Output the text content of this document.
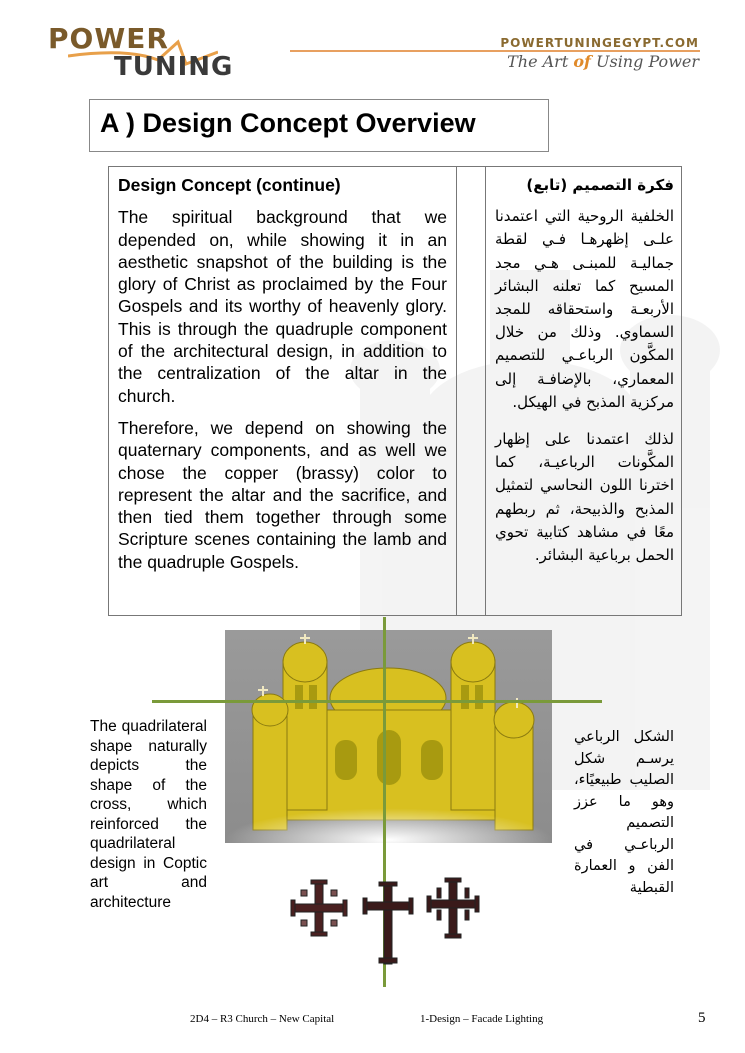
POWER
TUNING
POWERTUNINGEGYPT.COM
The Art of Using Power
A ) Design Concept Overview
Design Concept (continue)

The spiritual background that we depended on, while showing it in an aesthetic snapshot of the building is the glory of Christ as proclaimed by the Four Gospels and its worthy of heavenly glory. This is through the quadruple component of the architectural design, in addition to the centralization of the altar in the church.

Therefore, we depend on showing the quaternary components, and as well we chose the copper (brassy) color to represent the altar and the sacrifice, and then tied them together through some Scripture scenes containing the lamb and the quadruple Gospels.

فكرة التصميم (تابع)

الخلفية الروحية التي اعتمدنا علـى إظهرهـا فـي لقطة جماليـة للمبنـى هـي مجد المسيح كما تعلنه البشائر الأربعـة واستحقاقه للمجد السماوي. وذلك من خلال المكَّون الرباعـي للتصميم المعماري، بالإضافـة إلى مركزية المذبح في الهيكل.

لذلك اعتمدنا على إظهار المكَّونات الرباعيـة، كما اخترنا اللون النحاسي لتمثيل المذبح والذبيحة، ثم ربطهم معًا في مشاهد كتابية تحوي الحمل برباعية البشائر.

The quadrilateral shape naturally depicts the shape of the cross, which reinforced the quadrilateral design in Coptic art and architecture
الشكل الرباعي يرسـم شكل الصليب طبيعيًاء، وهو ما عزز التصميم الرباعـي في الفن و العمارة القبطية
2D4 – R3 Church – New Capital	1-Design – Facade Lighting	5
